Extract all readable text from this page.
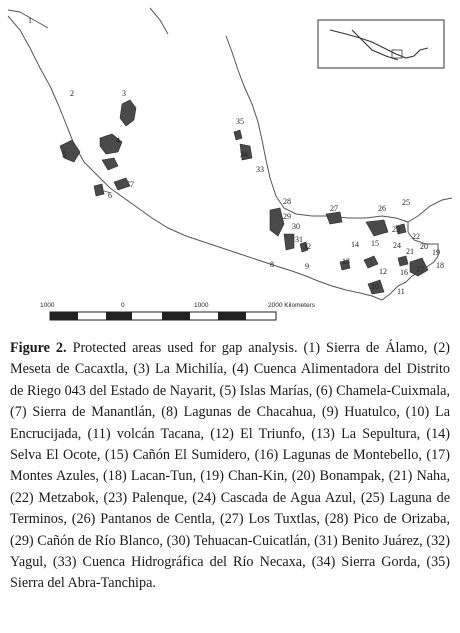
1
2	3
4
5
6
7
8	9
10
11
12
13
14 15
16 17 18
19
20
21
22
23
24
25
26
27
28
29
30
31
32
33
34
35
1000	0	1000	2000 Kilometers
Figure 2. Protected areas used for gap analysis. (1) Sierra de Álamo, (2) Meseta de Cacaxtla, (3) La Michilía, (4) Cuenca Alimentadora del Distrito de Riego 043 del Estado de Nayarit, (5) Islas Marías, (6) Chamela-Cuixmala, (7) Sierra de Manantlán, (8) Lagunas de Chacahua, (9) Huatulco, (10) La Encrucijada, (11) volcán Tacana, (12) El Triunfo, (13) La Sepultura, (14) Selva El Ocote, (15) Cañón El Sumidero, (16) Lagunas de Montebello, (17) Montes Azules, (18) Lacan-Tun, (19) Chan-Kin, (20) Bonampak, (21) Naha, (22) Metzabok, (23) Palenque, (24) Cascada de Agua Azul, (25) Laguna de Terminos, (26) Pantanos de Centla, (27) Los Tuxtlas, (28) Pico de Orizaba, (29) Cañón de Río Blanco, (30) Tehuacan-Cuicatlán, (31) Benito Juárez, (32) Yagul, (33) Cuenca Hidrográfica del Río Necaxa, (34) Sierra Gorda, (35) Sierra del Abra-Tanchipa.
